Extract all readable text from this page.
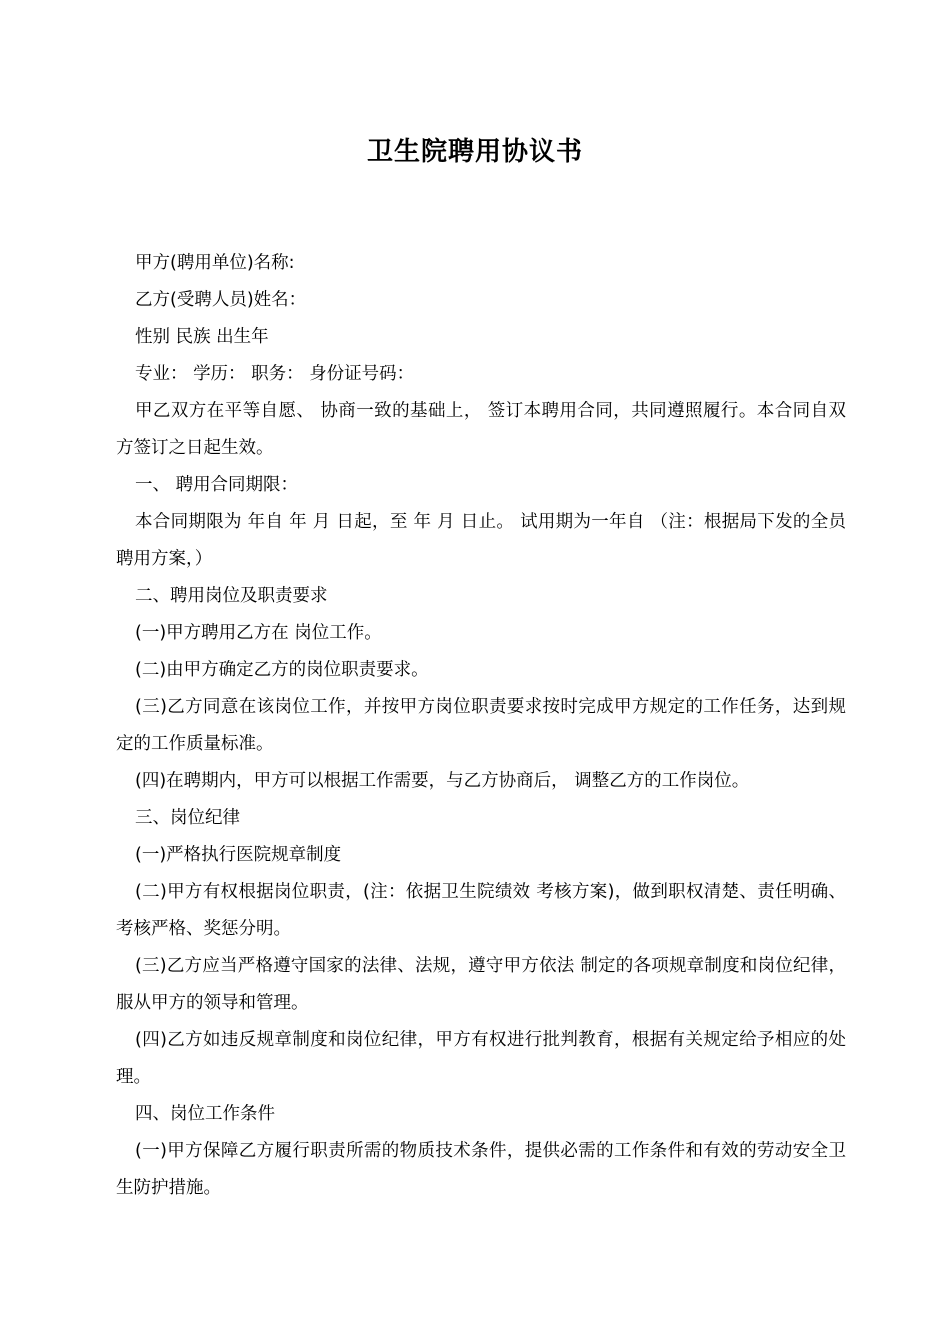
卫生院聘用协议书

甲方(聘用单位)名称:

乙方(受聘人员)姓名：

性别 民族 出生年

专业： 学历： 职务： 身份证号码：

甲乙双方在平等自愿、 协商一致的基础上， 签订本聘用合同，共同遵照履行。本合同自双方签订之日起生效。

一、 聘用合同期限：

本合同期限为 年自 年 月 日起，至 年 月 日止。 试用期为一年自 （注：根据局下发的全员聘用方案，）

二、聘用岗位及职责要求

(一)甲方聘用乙方在 岗位工作。

(二)由甲方确定乙方的岗位职责要求。

(三)乙方同意在该岗位工作，并按甲方岗位职责要求按时完成甲方规定的工作任务，达到规定的工作质量标准。

(四)在聘期内，甲方可以根据工作需要，与乙方协商后， 调整乙方的工作岗位。

三、岗位纪律

(一)严格执行医院规章制度

(二)甲方有权根据岗位职责，(注：依据卫生院绩效 考核方案)，做到职权清楚、责任明确、考核严格、奖惩分明。

(三)乙方应当严格遵守国家的法律、法规，遵守甲方依法 制定的各项规章制度和岗位纪律，服从甲方的领导和管理。

(四)乙方如违反规章制度和岗位纪律，甲方有权进行批判教育，根据有关规定给予相应的处理。

四、岗位工作条件

(一)甲方保障乙方履行职责所需的物质技术条件，提供必需的工作条件和有效的劳动安全卫生防护措施。
